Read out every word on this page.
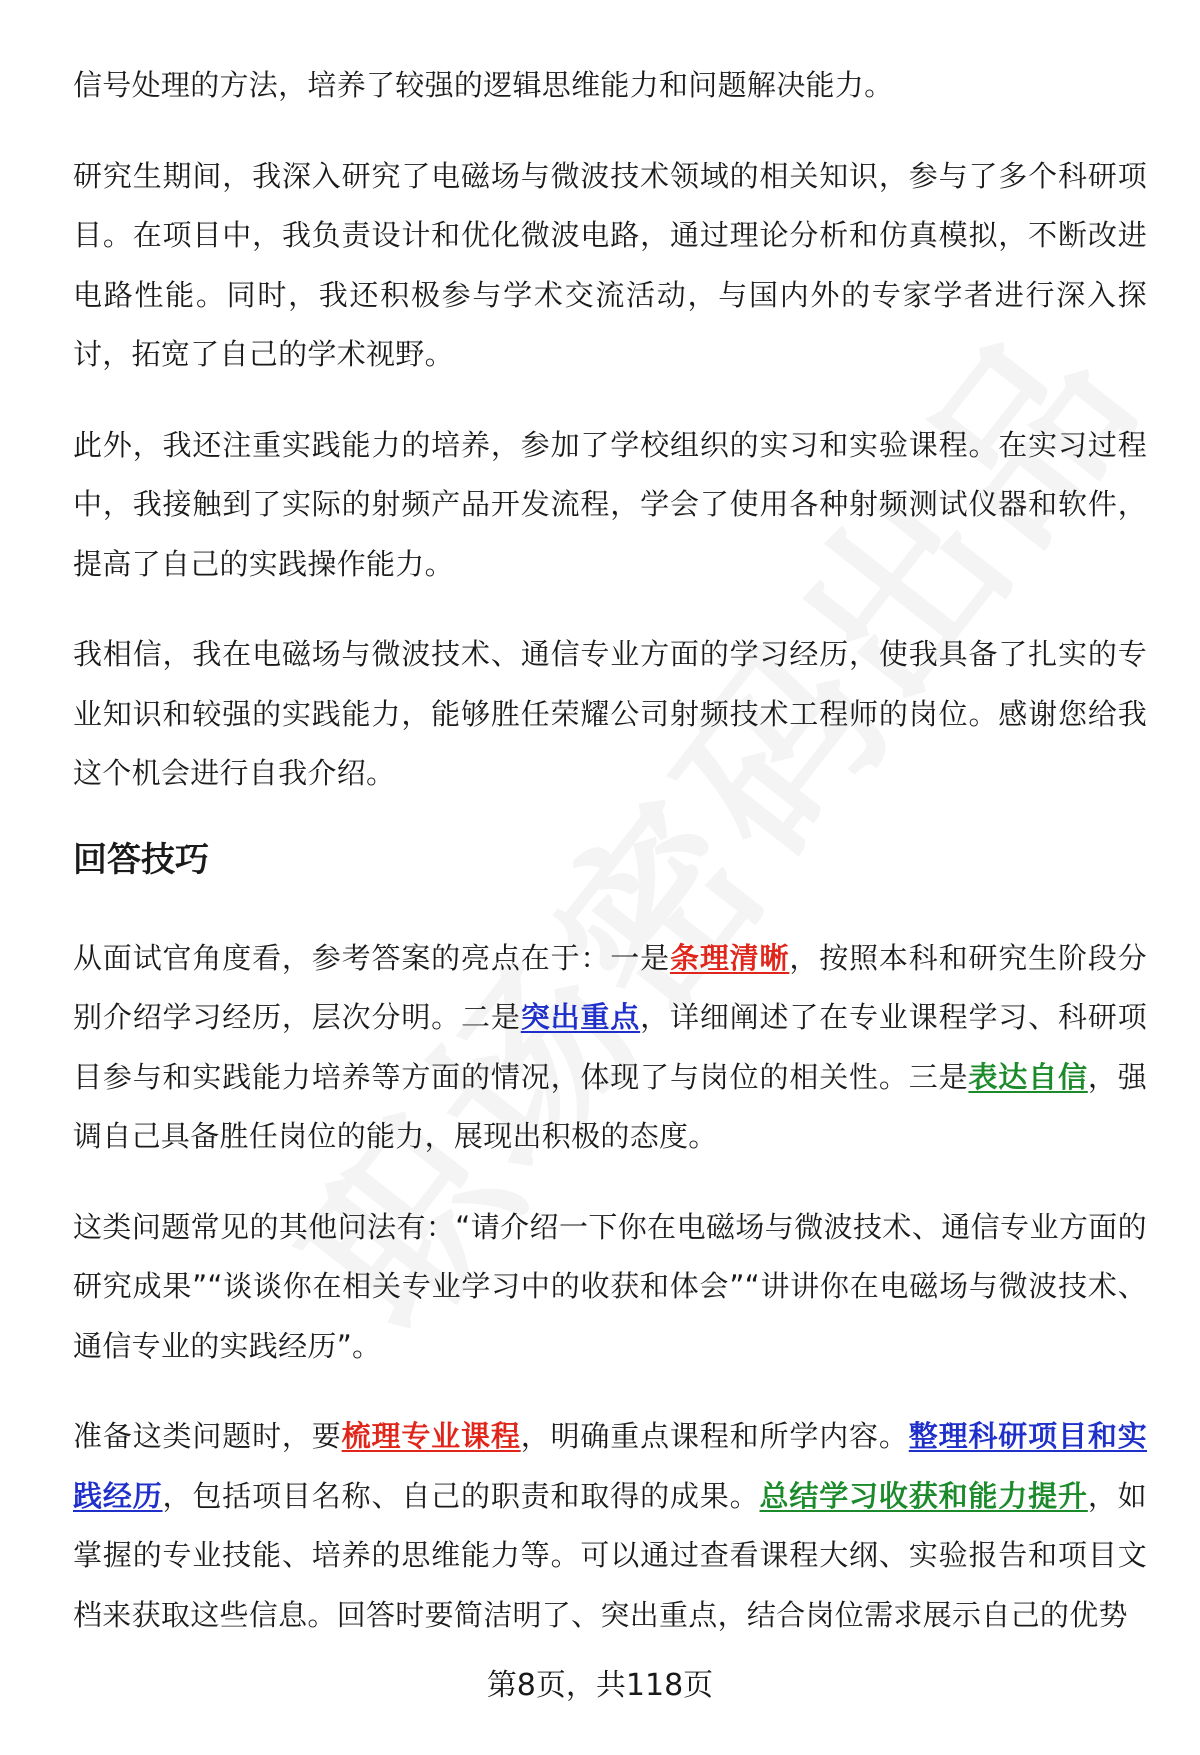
信号处理的方法，培养了较强的逻辑思维能力和问题解决能力。

研究生期间，我深入研究了电磁场与微波技术领域的相关知识，参与了多个科研项目。在项目中，我负责设计和优化微波电路，通过理论分析和仿真模拟，不断改进电路性能。同时，我还积极参与学术交流活动，与国内外的专家学者进行深入探讨，拓宽了自己的学术视野。

此外，我还注重实践能力的培养，参加了学校组织的实习和实验课程。在实习过程中，我接触到了实际的射频产品开发流程，学会了使用各种射频测试仪器和软件，提高了自己的实践操作能力。

我相信，我在电磁场与微波技术、通信专业方面的学习经历，使我具备了扎实的专业知识和较强的实践能力，能够胜任荣耀公司射频技术工程师的岗位。感谢您给我这个机会进行自我介绍。

回答技巧

从面试官角度看，参考答案的亮点在于：一是条理清晰，按照本科和研究生阶段分别介绍学习经历，层次分明。二是突出重点，详细阐述了在专业课程学习、科研项目参与和实践能力培养等方面的情况，体现了与岗位的相关性。三是表达自信，强调自己具备胜任岗位的能力，展现出积极的态度。

这类问题常见的其他问法有：“请介绍一下你在电磁场与微波技术、通信专业方面的研究成果”“谈谈你在相关专业学习中的收获和体会”“讲讲你在电磁场与微波技术、通信专业的实践经历”。

准备这类问题时，要梳理专业课程，明确重点课程和所学内容。整理科研项目和实践经历，包括项目名称、自己的职责和取得的成果。总结学习收获和能力提升，如掌握的专业技能、培养的思维能力等。可以通过查看课程大纲、实验报告和项目文档来获取这些信息。回答时要简洁明了、突出重点，结合岗位需求展示自己的优势

第8页，共118页
